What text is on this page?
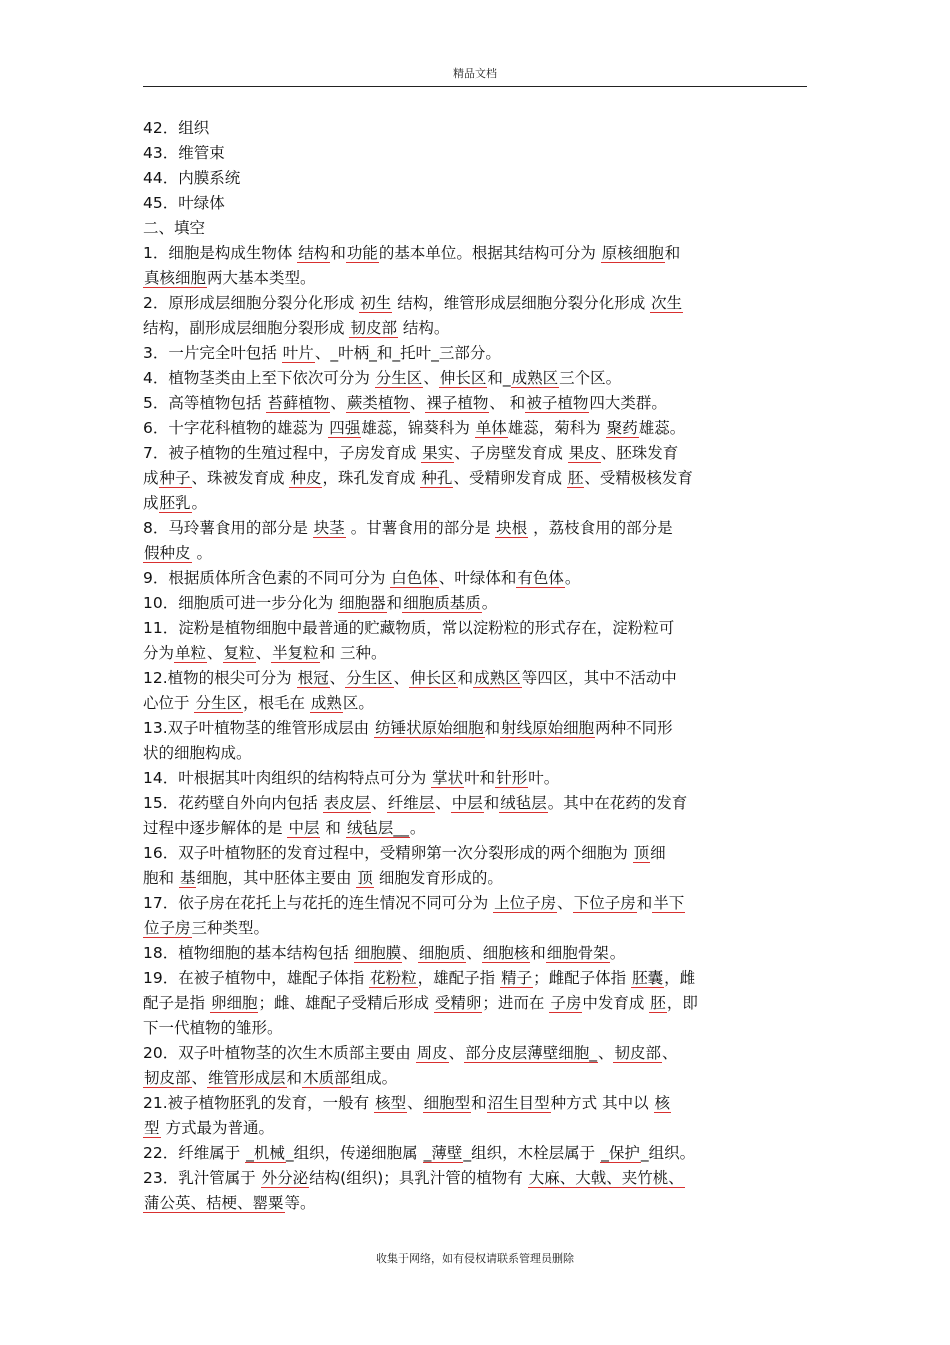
精品文档
42．组织
43．维管束
44．内膜系统
45．叶绿体
二、填空
1．细胞是构成生物体 结构和功能的基本单位。根据其结构可分为 原核细胞和
真核细胞两大基本类型。
2．原形成层细胞分裂分化形成 初生 结构，维管形成层细胞分裂分化形成 次生
结构，副形成层细胞分裂形成 韧皮部 结构。
3．一片完全叶包括 叶片、_叶柄_和_托叶_三部分。
4．植物茎类由上至下依次可分为 分生区、伸长区和_成熟区三个区。
5．高等植物包括 苔藓植物、蕨类植物、裸子植物、 和被子植物四大类群。
6．十字花科植物的雄蕊为 四强雄蕊，锦葵科为 单体雄蕊，菊科为 聚药雄蕊。
7．被子植物的生殖过程中，子房发育成 果实、子房壁发育成 果皮、胚珠发育
成种子、珠被发育成 种皮，珠孔发育成 种孔、受精卵发育成 胚、受精极核发育
成胚乳。
8．马玲薯食用的部分是 块茎 。甘薯食用的部分是 块根 ，荔枝食用的部分是
假种皮 。
9．根据质体所含色素的不同可分为 白色体、叶绿体和有色体。
10．细胞质可进一步分化为 细胞器和细胞质基质。
11．淀粉是植物细胞中最普通的贮藏物质，常以淀粉粒的形式存在，淀粉粒可
分为单粒、复粒、半复粒和 三种。
12.植物的根尖可分为 根冠、分生区、伸长区和成熟区等四区，其中不活动中
心位于 分生区，根毛在 成熟区。
13.双子叶植物茎的维管形成层由 纺锤状原始细胞和射线原始细胞两种不同形
状的细胞构成。
14．叶根据其叶肉组织的结构特点可分为 掌状叶和针形叶。
15．花药壁自外向内包括 表皮层、纤维层、中层和绒毡层。其中在花药的发育
过程中逐步解体的是 中层 和 绒毡层__。
16．双子叶植物胚的发育过程中，受精卵第一次分裂形成的两个细胞为 顶细
胞和 基细胞，其中胚体主要由 顶 细胞发育形成的。
17．依子房在花托上与花托的连生情况不同可分为 上位子房、下位子房和半下
位子房三种类型。
18．植物细胞的基本结构包括 细胞膜、细胞质、细胞核和细胞骨架。
19．在被子植物中，雄配子体指 花粉粒，雄配子指 精子；雌配子体指 胚囊，雌
配子是指 卵细胞；雌、雄配子受精后形成 受精卵；进而在 子房中发育成 胚，即
下一代植物的雏形。
20．双子叶植物茎的次生木质部主要由 周皮、部分皮层薄壁细胞_、韧皮部、
韧皮部、维管形成层和木质部组成。
21.被子植物胚乳的发育，一般有 核型、细胞型和沼生目型种方式 其中以 核
型 方式最为普通。
22．纤维属于 _机械_组织，传递细胞属 _薄壁_组织，木栓层属于 _保护_组织。
23．乳汁管属于 外分泌结构(组织)；具乳汁管的植物有 大麻、大戟、夹竹桃、
蒲公英、桔梗、罂粟等。
收集于网络，如有侵权请联系管理员删除
